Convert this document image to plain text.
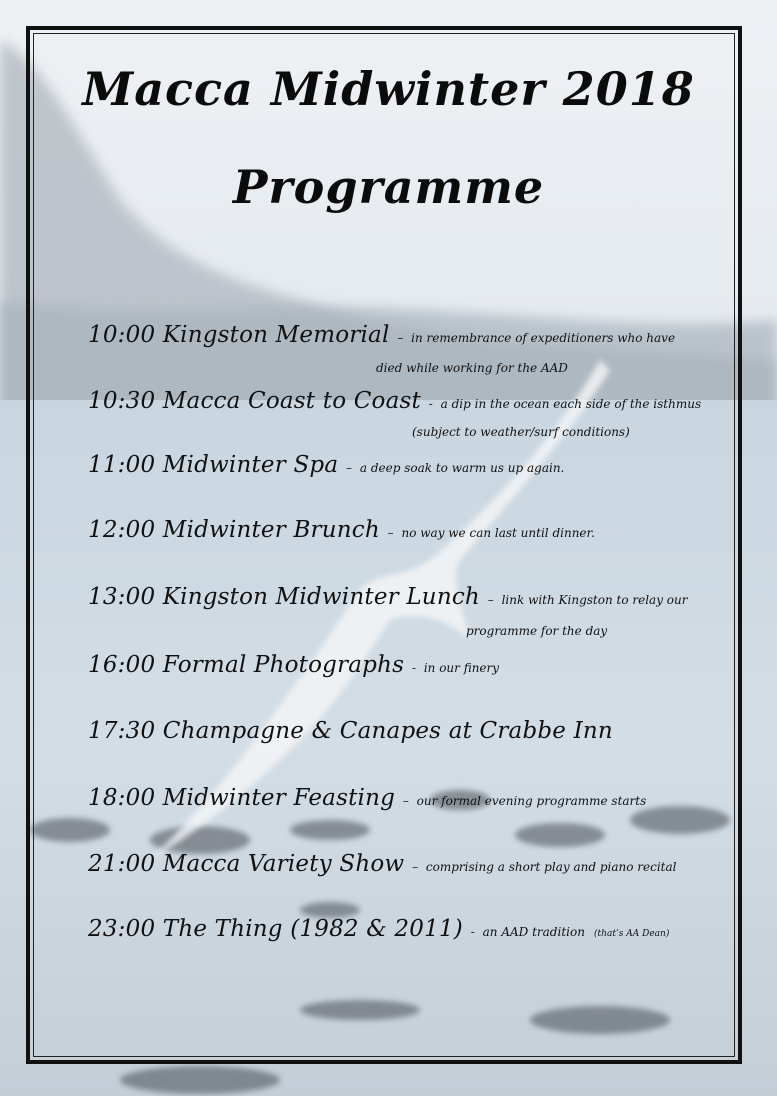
Macca Midwinter 2018
Programme
10:00 Kingston Memorial – in remembrance of expeditioners who have
died while working for the AAD
10:30 Macca Coast to Coast - a dip in the ocean each side of the isthmus
(subject to weather/surf conditions)
11:00 Midwinter Spa – a deep soak to warm us up again.
12:00 Midwinter Brunch – no way we can last until dinner.
13:00 Kingston Midwinter Lunch – link with Kingston to relay our
programme for the day
16:00 Formal Photographs - in our finery
17:30 Champagne & Canapes at Crabbe Inn
18:00 Midwinter Feasting – our formal evening programme starts
21:00 Macca Variety Show – comprising a short play and piano recital
23:00 The Thing (1982 & 2011) - an AAD tradition (that’s AA Dean)
